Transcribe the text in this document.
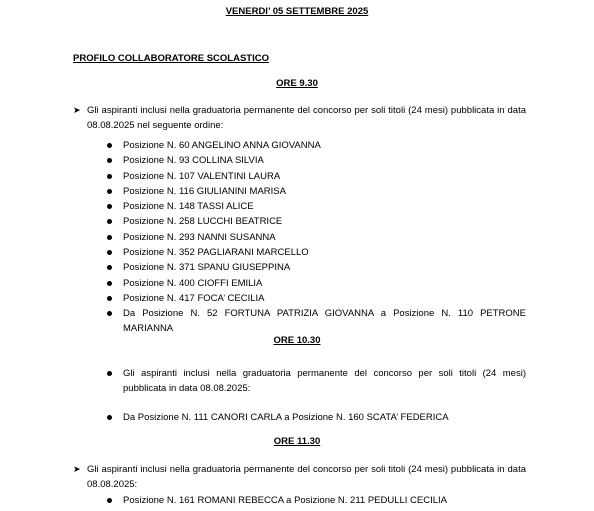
VENERDI’ 05 SETTEMBRE 2025
PROFILO COLLABORATORE SCOLASTICO
ORE 9.30
➤ Gli aspiranti inclusi nella graduatoria permanente del concorso per soli titoli (24 mesi) pubblicata in data 08.08.2025 nel seguente ordine:
Posizione N. 60 ANGELINO ANNA GIOVANNA
Posizione N. 93 COLLINA SILVIA
Posizione N. 107 VALENTINI LAURA
Posizione N. 116 GIULIANINI MARISA
Posizione N. 148 TASSI ALICE
Posizione N. 258 LUCCHI BEATRICE
Posizione N. 293 NANNI SUSANNA
Posizione N. 352 PAGLIARANI MARCELLO
Posizione N. 371 SPANU GIUSEPPINA
Posizione N. 400 CIOFFI EMILIA
Posizione N. 417 FOCA’ CECILIA
Da Posizione N. 52 FORTUNA PATRIZIA GIOVANNA a Posizione N. 110 PETRONE MARIANNA
ORE 10.30
Gli aspiranti inclusi nella graduatoria permanente del concorso per soli titoli (24 mesi) pubblicata in data 08.08.2025:
Da Posizione N. 111 CANORI CARLA a Posizione N. 160 SCATA’ FEDERICA
ORE 11.30
➤ Gli aspiranti inclusi nella graduatoria permanente del concorso per soli titoli (24 mesi) pubblicata in data 08.08.2025:
Posizione N. 161 ROMANI REBECCA a Posizione N. 211 PEDULLI CECILIA
